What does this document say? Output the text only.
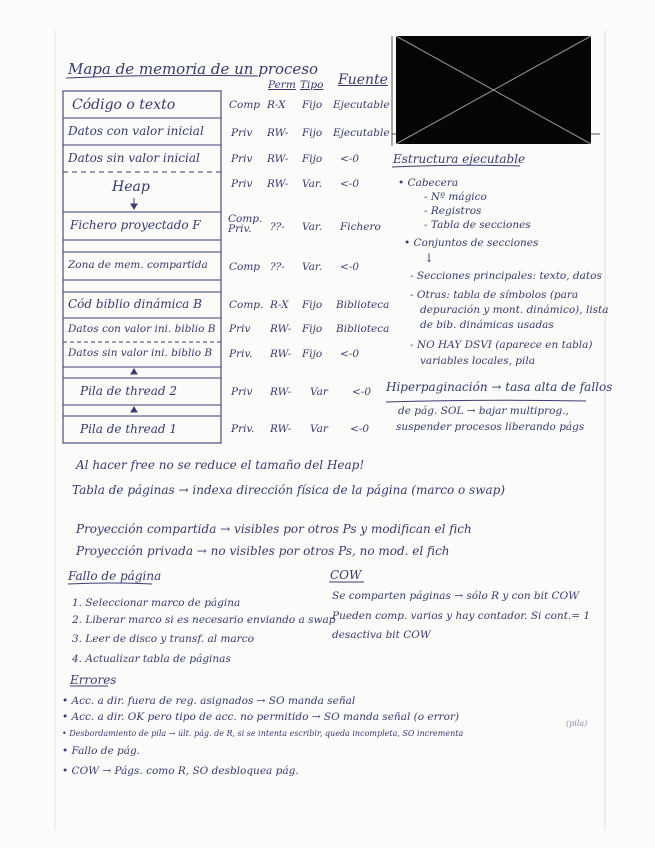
Mapa de memoria de un proceso
Perm Tipo Fuente
Código o texto
Datos con valor inicial
Datos sin valor inicial
Heap
Fichero proyectado F
Zona de mem. compartida
Cód biblio dinámica B
Datos con valor ini. biblio B
Datos sin valor ini. biblio B
Pila de thread 2
Pila de thread 1
Comp R-X Fijo Ejecutable
Priv RW- Fijo Ejecutable
Priv RW- Fijo <-0
Priv RW- Var. <-0
Comp. Priv.	??- Var. Fichero
Comp ??- Var. <-0
Comp. R-X Fijo Biblioteca
Priv RW- Fijo Biblioteca
Priv. RW- Fijo <-0
Priv RW- Var <-0
Priv. RW- Var <-0
Estructura ejecutable
• Cabecera
- Nº mágico
- Registros
- Tabla de secciones
• Conjuntos de secciones
↓
- Secciones principales: texto, datos
- Otras: tabla de símbolos (para
depuración y mont. dinámico), lista
de bib. dinámicas usadas
- NO HAY DSVI (aparece en tabla)
variables locales, pila
Hiperpaginación → tasa alta de fallos
de pág. SOL → bajar multiprog.,
suspender procesos liberando págs
Al hacer free no se reduce el tamaño del Heap!
Tabla de páginas → indexa dirección física de la página (marco o swap)
Proyección compartida → visibles por otros Ps y modifican el fich
Proyección privada → no visibles por otros Ps, no mod. el fich
Fallo de página
1. Seleccionar marco de página
2. Liberar marco si es necesario enviando a swap
3. Leer de disco y transf. al marco
4. Actualizar tabla de páginas
COW
Se comparten páginas → sólo R y con bit COW
Pueden comp. varios y hay contador. Si cont.= 1
desactiva bit COW
Errores
• Acc. a dir. fuera de reg. asignados → SO manda señal
• Acc. a dir. OK pero tipo de acc. no permitido → SO manda señal (o error)
• Desbordamiento de pila → últ. pág. de R, si se intenta escribir, queda incompleta, SO incrementa
• Fallo de pág.
• COW → Págs. como R, SO desbloquea pág.
(pila)
